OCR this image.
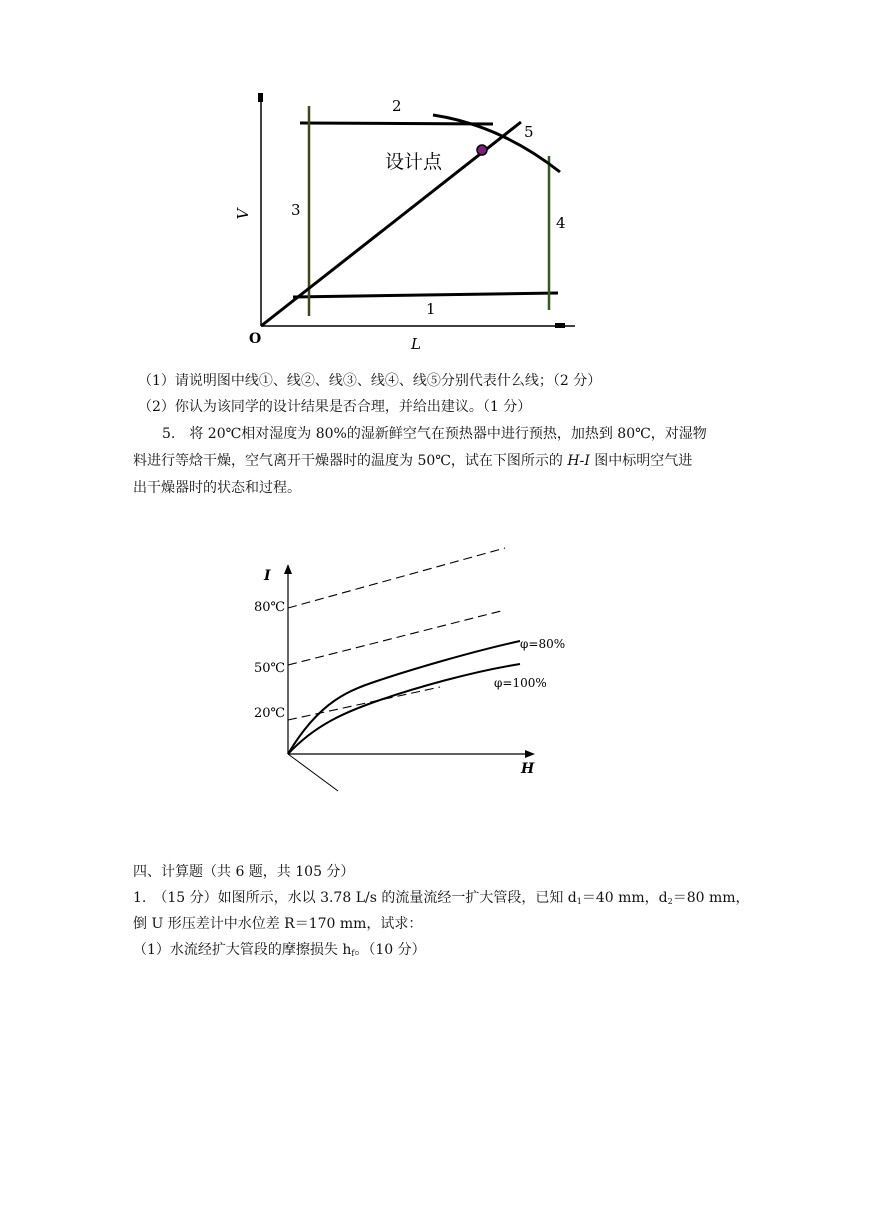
V
L
O
设计点
1
2
3
4
5
（1）请说明图中线①、线②、线③、线④、线⑤分别代表什么线；（2 分）
（2）你认为该同学的设计结果是否合理，并给出建议。（1 分）
5.　将 20℃相对湿度为 80%的湿新鲜空气在预热器中进行预热，加热到 80℃，对湿物
料进行等焓干燥，空气离开干燥器时的温度为 50℃，试在下图所示的 H-I 图中标明空气进
出干燥器时的状态和过程。
I
H
80℃
50℃
20℃
φ=80%
φ=100%
四、计算题（共 6 题，共 105 分）
1.　（15 分）如图所示，水以 3.78 L/s 的流量流经一扩大管段，已知 $d_1=40$ mm，$d_2=80$ mm，
倒 U 形压差计中水位差 R＝170 mm，试求：
（1）水流经扩大管段的摩擦损失 $h_f$。（10 分）
